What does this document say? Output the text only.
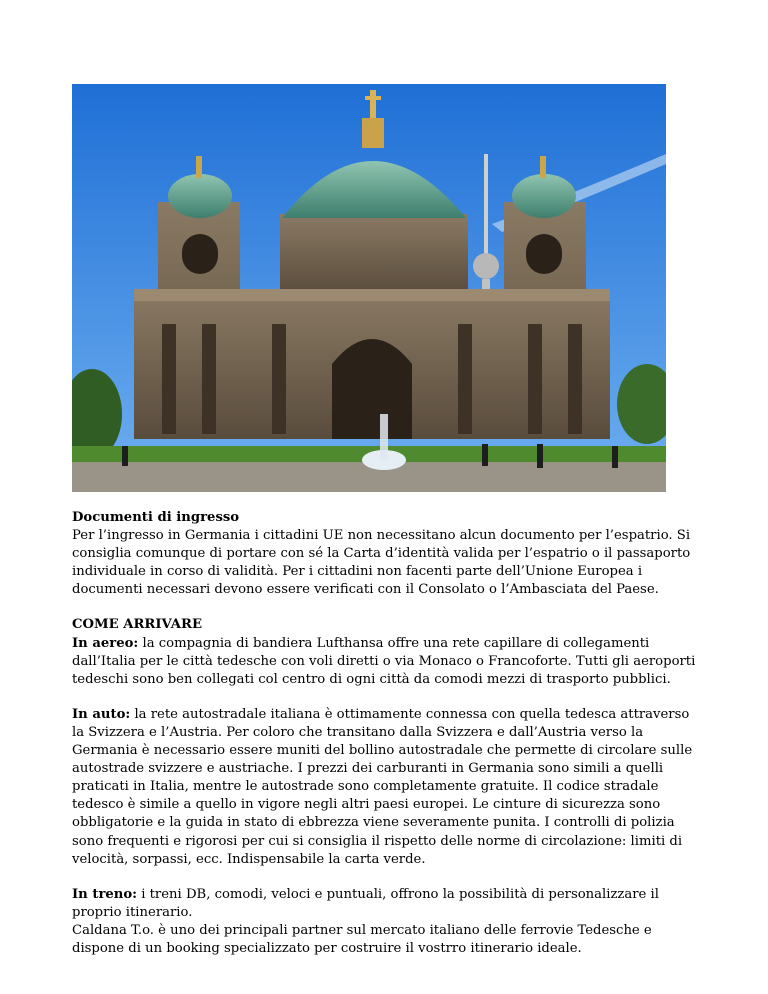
Documenti di ingresso

Per l’ingresso in Germania i cittadini UE non necessitano alcun documento per l’espatrio. Si consiglia comunque di portare con sé la Carta d’identità valida per l’espatrio o il passaporto individuale in corso di validità. Per i cittadini non facenti parte dell’Unione Europea i documenti necessari devono essere verificati con il Consolato o l’Ambasciata del Paese.

COME ARRIVARE

In aereo: la compagnia di bandiera Lufthansa offre una rete capillare di collegamenti dall’Italia per le città tedesche con voli diretti o via Monaco o Francoforte. Tutti gli aeroporti tedeschi sono ben collegati col centro di ogni città da comodi mezzi di trasporto pubblici.

In auto: la rete autostradale italiana è ottimamente connessa con quella tedesca attraverso la Svizzera e l’Austria. Per coloro che transitano dalla Svizzera e dall’Austria verso la Germania è necessario essere muniti del bollino autostradale che permette di circolare sulle autostrade svizzere e austriache. I prezzi dei carburanti in Germania sono simili a quelli praticati in Italia, mentre le autostrade sono completamente gratuite. Il codice stradale tedesco è simile a quello in vigore negli altri paesi europei. Le cinture di sicurezza sono obbligatorie e la guida in stato di ebbrezza viene severamente punita. I controlli di polizia sono frequenti e rigorosi per cui si consiglia il rispetto delle norme di circolazione: limiti di velocità, sorpassi, ecc. Indispensabile la carta verde.

In treno: i treni DB, comodi, veloci e puntuali, offrono la possibilità di personalizzare il proprio itinerario.

Caldana T.o. è uno dei principali partner sul mercato italiano delle ferrovie Tedesche e dispone di un booking specializzato per costruire il vostrro itinerario ideale.
